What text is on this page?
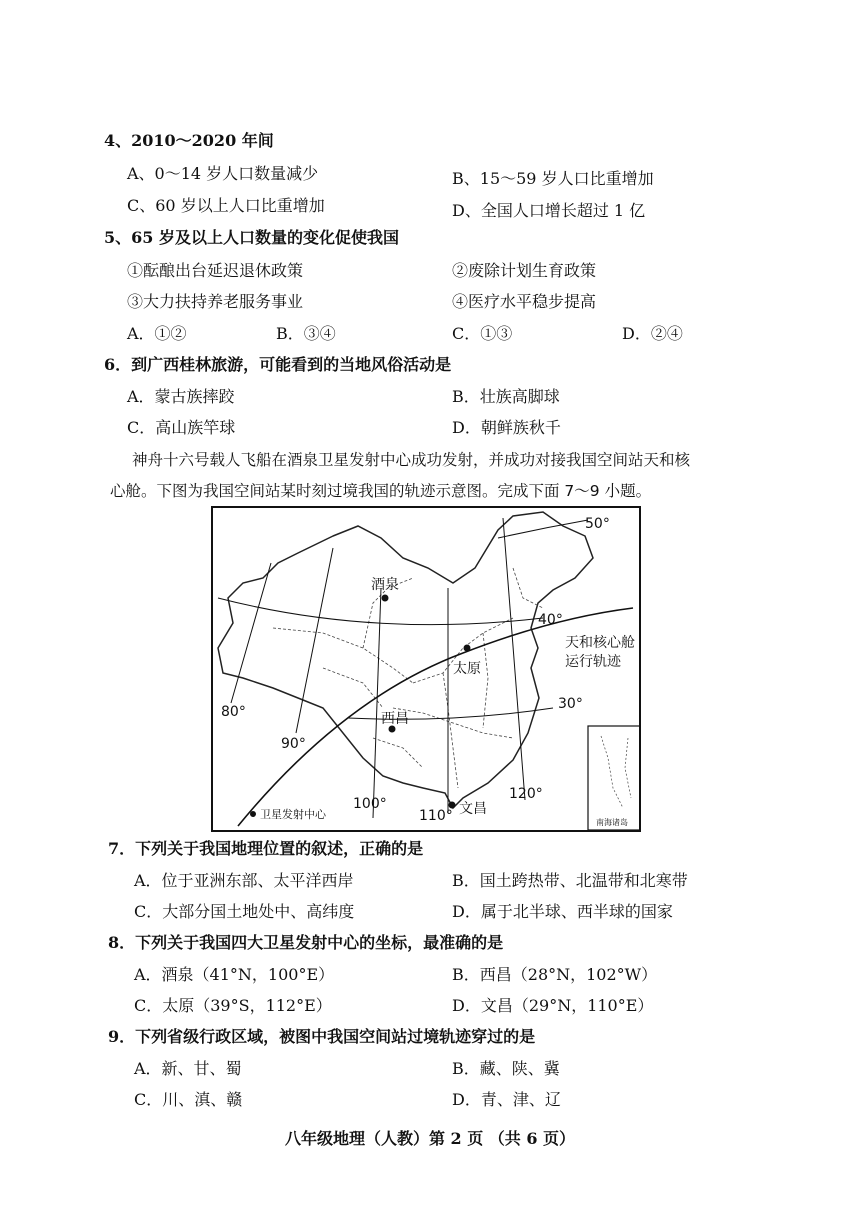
4、2010～2020 年间
A、0～14 岁人口数量减少	B、15～59 岁人口比重增加
C、60 岁以上人口比重增加	D、全国人口增长超过 1 亿
5、65 岁及以上人口数量的变化促使我国
①酝酿出台延迟退休政策	②废除计划生育政策
③大力扶持养老服务事业	④医疗水平稳步提高
A．①②	B．③④	C．①③	D．②④
6．到广西桂林旅游，可能看到的当地风俗活动是
A．蒙古族摔跤	B．壮族高脚球
C．高山族竿球	D．朝鲜族秋千
神舟十六号载人飞船在酒泉卫星发射中心成功发射，并成功对接我国空间站天和核
心舱。下图为我国空间站某时刻过境我国的轨迹示意图。完成下面 7～9 小题。
酒泉
太原
西昌
文昌
天和核心舱
运行轨迹
卫星发射中心
南海诸岛
50°
40°
30°
80°
90°
100°
110°
120°
7．下列关于我国地理位置的叙述，正确的是
A．位于亚洲东部、太平洋西岸	B．国土跨热带、北温带和北寒带
C．大部分国土地处中、高纬度	D．属于北半球、西半球的国家
8．下列关于我国四大卫星发射中心的坐标，最准确的是
A．酒泉（41°N，100°E）	B．西昌（28°N，102°W）
C．太原（39°S，112°E）	D．文昌（29°N，110°E）
9．下列省级行政区域，被图中我国空间站过境轨迹穿过的是
A．新、甘、蜀	B．藏、陕、冀
C．川、滇、赣	D．青、津、辽
八年级地理（人教）第 2 页 （共 6 页）
